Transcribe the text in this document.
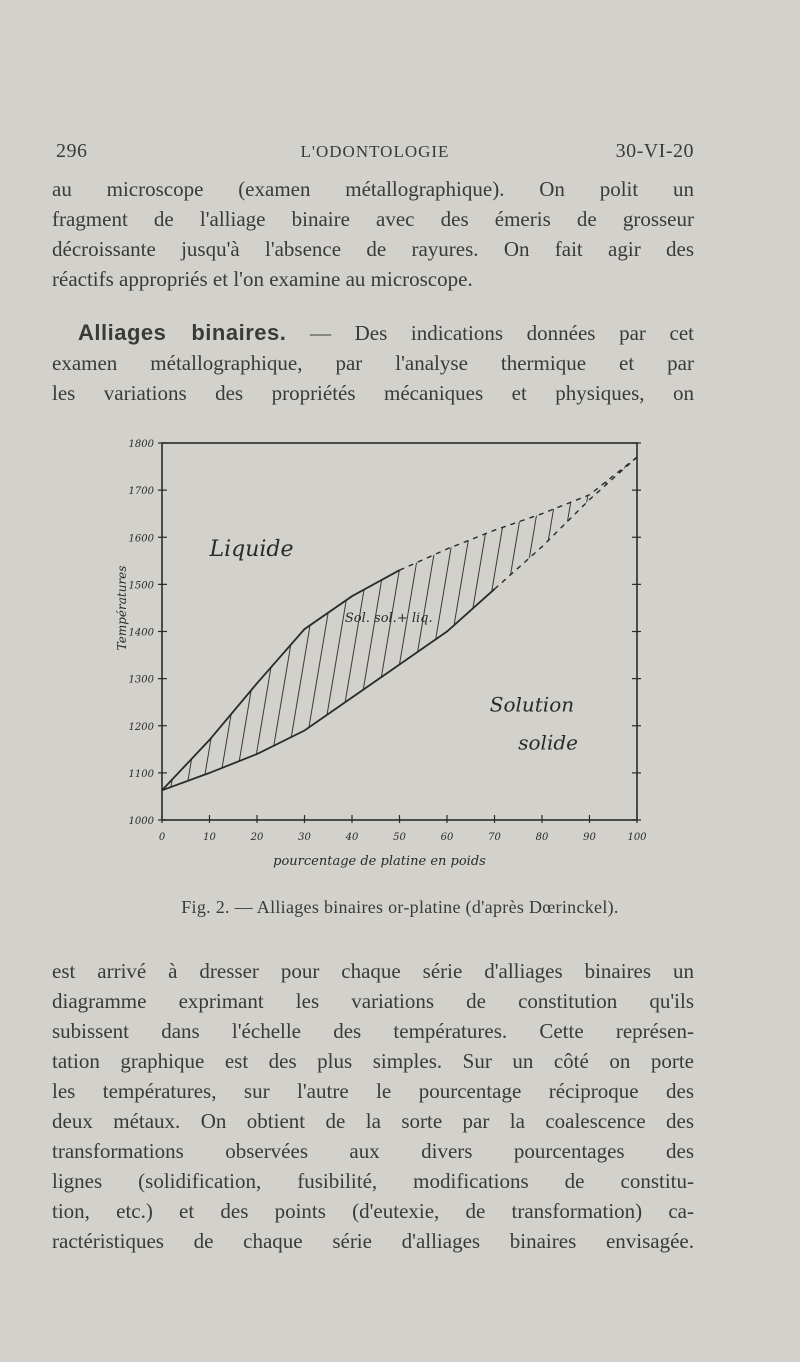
296	L'ODONTOLOGIE	30-VI-20
au microscope (examen métallographique). On polit un
fragment de l'alliage binaire avec des émeris de grosseur
décroissante jusqu'à l'absence de rayures. On fait agir des
réactifs appropriés et l'on examine au microscope.
Alliages binaires. — Des indications données par cet
examen métallographique, par l'analyse thermique et par
les variations des propriétés mécaniques et physiques, on
1000
1100
1200
1300
1400
1500
1600
1700
1800
0	10	20	30	40	50	60	70	80	90	100
pourcentage de platine en poids
Températures
Liquide
Sol. sol.+ liq.
Solution
solide
Fig. 2. — Alliages binaires or-platine (d'après Dœrinckel).
est arrivé à dresser pour chaque série d'alliages binaires un
diagramme exprimant les variations de constitution qu'ils
subissent dans l'échelle des températures. Cette représen-
tation graphique est des plus simples. Sur un côté on porte
les températures, sur l'autre le pourcentage réciproque des
deux métaux. On obtient de la sorte par la coalescence des
transformations observées aux divers pourcentages des
lignes (solidification, fusibilité, modifications de constitu-
tion, etc.) et des points (d'eutexie, de transformation) ca-
ractéristiques de chaque série d'alliages binaires envisagée.
